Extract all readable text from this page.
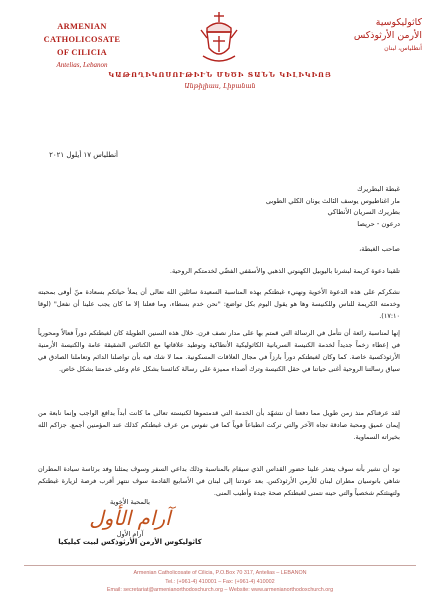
ARMENIAN CATHOLICOSATE
OF CILICIA
Antelias, Lebanon
كاثوليكوسية
الأرمن الأرثوذكس
أنطلياس، لبنان
ԿԱԹՈՂԻԿՈՍՈՒԹԻՒՆ ՄԵԾԻ ՏԱՆՆ ԿԻԼԻԿԻՈՅ
Անթիլիաս, Լիբանան
أنطلياس ١٧ أيلول ٢٠٢١
غبطة البطريرك
مار اغناطيوس يوسف الثالث يونان الكلي الطوبى
بطريرك السريان الأنطاكي
درعون - حريصا
صاحب الغبطة،
تلقينا دعوة كريمة لبشرنا باليوبيل الكهنوتي الذهبي والأسقفي الفضّي لخدمتكم الروحية.
نشكركم على هذه الدعوة الأخوية ونهنيء غبطتكم بهذه المناسبة السعيدة سائلين الله تعالى أن يملأ حياتكم بسعادة منّ أوفى بمحبته وخدمته الكريمة للناس وللكنيسة وها هو يقول اليوم بكل تواضع: "نحن خدم بسطاء، وما فعلنا إلا ما كان يجب علينا أن نفعل" (لوقا ١٧:١٠).
إنها لمناسبة رائعة أن نتأمل في الرسالة التي قمتم بها على مدار نصف قرن. خلال هذه السنين الطويلة كان لغبطتكم دوراً فعالاً ومحورياً في إعطاء زخماً جديداً لخدمة الكنيسة السريانية الكاثوليكية الأنطاكية وتوطيد علاقاتها مع الكنائس الشقيقة عامة والكنيسة الأرمنية الأرثوذكسية خاصة. كما وكان لغبطتكم دوراً بارزاً في مجال العلاقات المسكونية. مما لا شك فيه بأن تواصلنا الدائم وتعاملنا الصادق في سياق رسالتنا الروحية أغنى حياتنا في حقل الكنيسة وترك أصداء مميزة على رسالة كنائسنا بشكل عام وعلى خدمتنا بشكل خاص.
لقد عرفناكم منذ زمن طويل مما دفعنا أن نتشهّد بأن الخدمة التي قدمتموها لكنيسته تعالى ما كانت أبداً بدافع الواجب وإنما نابعة من إيمان عميق ومحبة صادقة تجاه الآخر والتي تركت انطباعاً قوياً كما في نفوس من عرف غبطتكم كذلك عند المؤمنين أجمع. جزاكم الله بخيراته السماوية.
نود أن نشير بأنه سوف يتعذر علينا حضور القداس الذي سيقام بالمناسبة وذلك بداعي السفر وسوف يمثلنا وفد برئاسة سيادة المطران شاهي بانوسيان مطران لبنان للأرمن الأرثوذكس. بعد عودتنا إلى لبنان في الأسابيع القادمة سوف ننتهز أقرب فرصة لزيارة غبطتكم ولتهنئتكم شخصياً والتي حينه نتمنى لغبطتكم صحة جيدة وأطيب المنى.
بالمحبة الأخوية
آرام الأول
آرام الأول
كاثوليكوس الأرمن الأرثوذكس لبيت كيليكيا
Armenian Catholicosate of Cilicia, P.O.Box 70 317, Antelias – LEBANON
Tel.: (+961-4) 410001 – Fax: (+961-4) 410002
Email: secretariat@armenianorthodoxchurch.org – Website: www.armenianorthodoxchurch.org
